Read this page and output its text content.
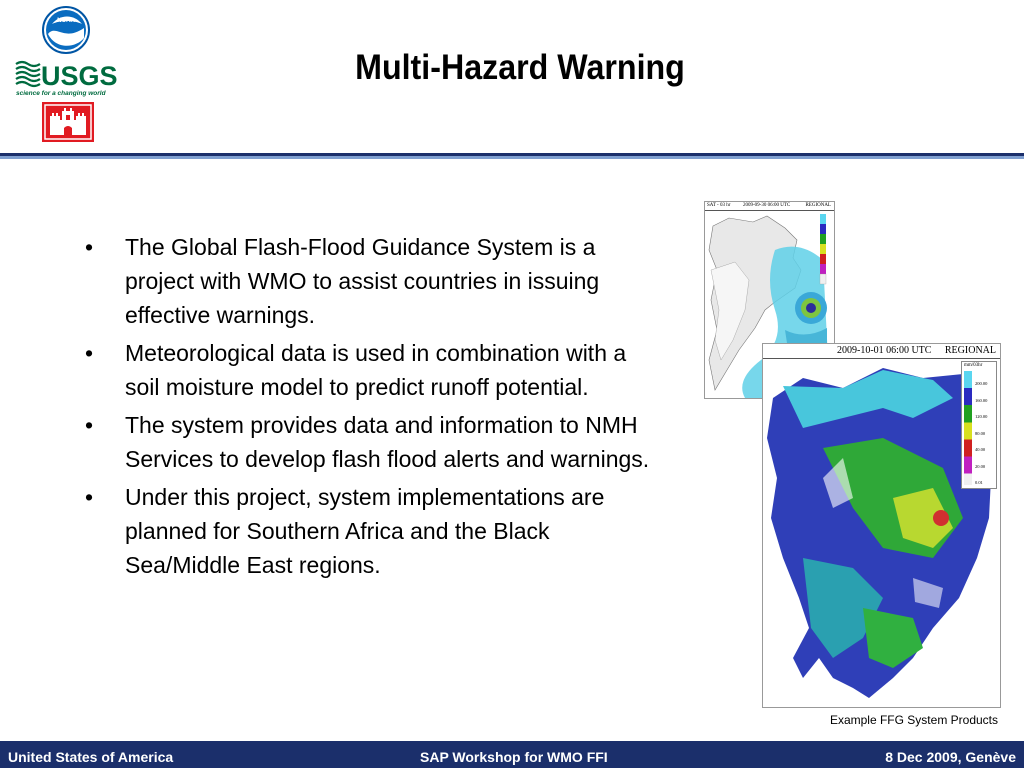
NOAA
USGS
science for a changing world
Multi-Hazard Warning
• The Global Flash-Flood Guidance System is a project with WMO to assist countries in issuing effective warnings.
• Meteorological data is used in combination with a soil moisture model to predict runoff potential.
• The system provides data and information to NMH Services to develop flash flood alerts and warnings.
• Under this project, system implementations are planned for Southern Africa and the Black Sea/Middle East regions.
SAT - 03 hr	2009-09-30 06:00 UTC	REGIONAL
2009-10-01 06:00 UTC REGIONAL
mm/03hr
200.00
160.00
120.00
80.00
40.00
20.00
0.01
Example FFG System Products
United States of America	SAP Workshop for WMO FFI	8 Dec 2009, Genève
